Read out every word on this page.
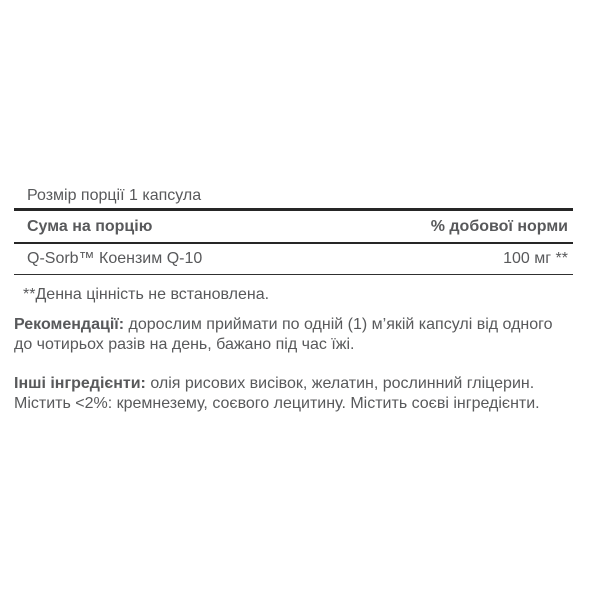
Розмір порції 1 капсула
Сума на порцію	% добової норми
Q-Sorb™ Коензим Q-10	100 мг **
**Денна цінність не встановлена.

Рекомендації: дорослим приймати по одній (1) м’якій капсулі від одного до чотирьох разів на день, бажано під час їжі.

Інші інгредієнти: олія рисових висівок, желатин, рослинний гліцерин. Містить <2%: кремнезему, соєвого лецитину. Містить соєві інгредієнти.
